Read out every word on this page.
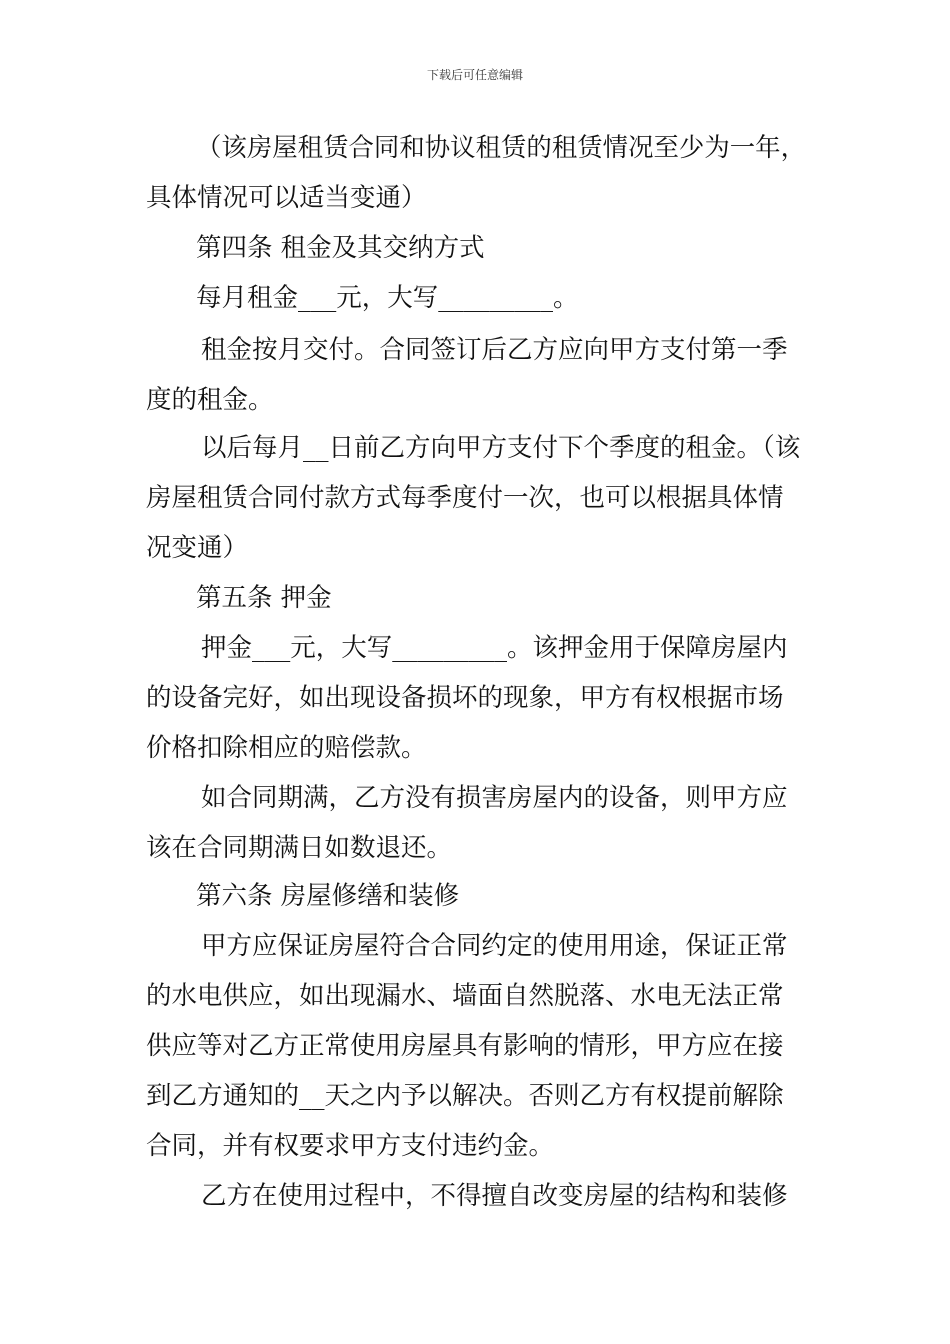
下载后可任意编辑
（该房屋租赁合同和协议租赁的租赁情况至少为一年，
具体情况可以适当变通）
第四条 租金及其交纳方式
每月租金___元，大写_________。
租金按月交付。合同签订后乙方应向甲方支付第一季
度的租金。
以后每月__日前乙方向甲方支付下个季度的租金。（该
房屋租赁合同付款方式每季度付一次，也可以根据具体情
况变通）
第五条 押金
押金___元，大写_________。该押金用于保障房屋内
的设备完好，如出现设备损坏的现象，甲方有权根据市场
价格扣除相应的赔偿款。
如合同期满，乙方没有损害房屋内的设备，则甲方应
该在合同期满日如数退还。
第六条 房屋修缮和装修
甲方应保证房屋符合合同约定的使用用途，保证正常
的水电供应，如出现漏水、墙面自然脱落、水电无法正常
供应等对乙方正常使用房屋具有影响的情形，甲方应在接
到乙方通知的__天之内予以解决。否则乙方有权提前解除
合同，并有权要求甲方支付违约金。
乙方在使用过程中，不得擅自改变房屋的结构和装修
